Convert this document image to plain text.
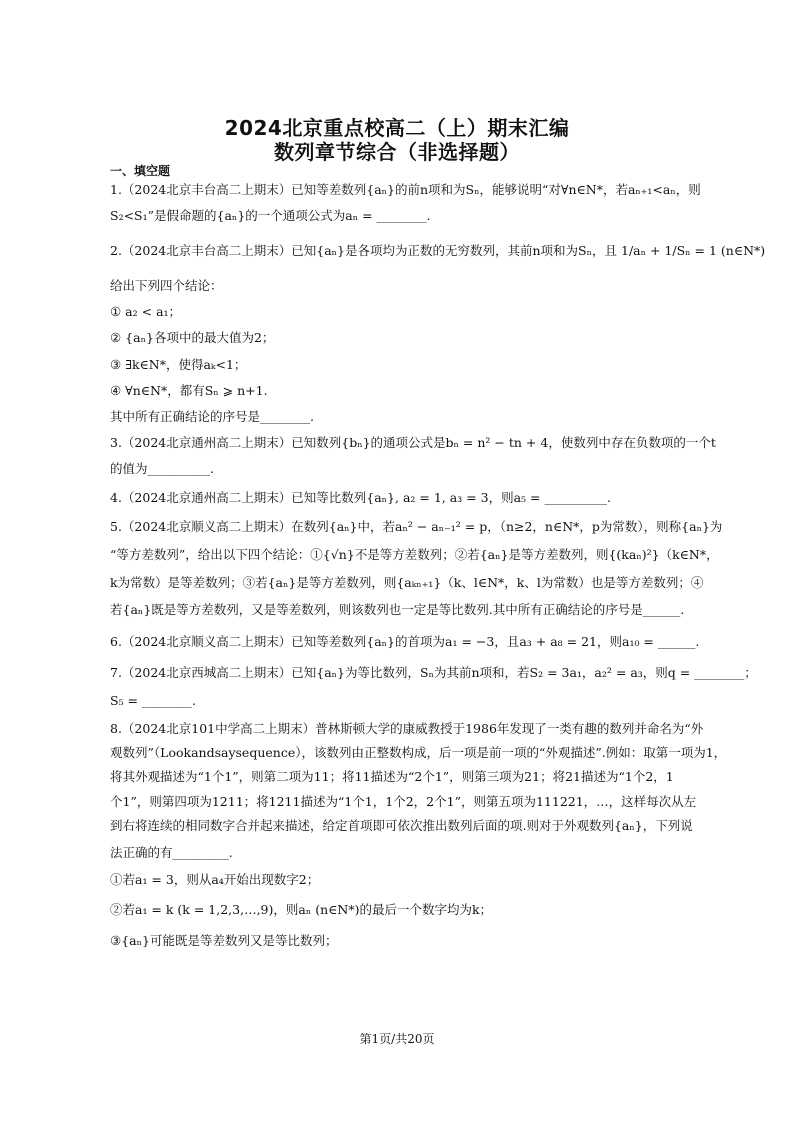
2024北京重点校高二（上）期末汇编
数列章节综合（非选择题）
一、填空题
1.（2024北京丰台高二上期末）已知等差数列{aₙ}的前n项和为Sₙ，能够说明“对∀n∈N*，若aₙ₊₁<aₙ，则
S₂<S₁”是假命题的{aₙ}的一个通项公式为aₙ = ________.
2.（2024北京丰台高二上期末）已知{aₙ}是各项均为正数的无穷数列，其前n项和为Sₙ，且 1/aₙ + 1/Sₙ = 1 (n∈N*)
给出下列四个结论：
① a₂ < a₁；
② {aₙ}各项中的最大值为2；
③ ∃k∈N*，使得aₖ<1；
④ ∀n∈N*，都有Sₙ ⩾ n+1.
其中所有正确结论的序号是________.
3.（2024北京通州高二上期末）已知数列{bₙ}的通项公式是bₙ = n² − tn + 4，使数列中存在负数项的一个t
的值为__________.
4.（2024北京通州高二上期末）已知等比数列{aₙ}, a₂ = 1, a₃ = 3，则a₅ = __________.
5.（2024北京顺义高二上期末）在数列{aₙ}中，若aₙ² − aₙ₋₁² = p，（n≥2，n∈N*，p为常数），则称{aₙ}为
“等方差数列”，给出以下四个结论：①{√n}不是等方差数列；②若{aₙ}是等方差数列，则{(kaₙ)²}（k∈N*，
k为常数）是等差数列；③若{aₙ}是等方差数列，则{aₖₙ₊₁}（k、l∈N*，k、l为常数）也是等方差数列；④
若{aₙ}既是等方差数列，又是等差数列，则该数列也一定是等比数列.其中所有正确结论的序号是______.
6.（2024北京顺义高二上期末）已知等差数列{aₙ}的首项为a₁ = −3，且a₃ + a₈ = 21，则a₁₀ = ______.
7.（2024北京西城高二上期末）已知{aₙ}为等比数列，Sₙ为其前n项和，若S₂ = 3a₁，a₂² = a₃，则q = ________；
S₅ = ________.
8.（2024北京101中学高二上期末）普林斯顿大学的康威教授于1986年发现了一类有趣的数列并命名为“外
观数列”（Lookandsaysequence），该数列由正整数构成，后一项是前一项的“外观描述”.例如：取第一项为1，
将其外观描述为“1个1”，则第二项为11；将11描述为“2个1”，则第三项为21；将21描述为“1个2，1
个1”，则第四项为1211；将1211描述为“1个1，1个2，2个1”，则第五项为111221，…，这样每次从左
到右将连续的相同数字合并起来描述，给定首项即可依次推出数列后面的项.则对于外观数列{aₙ}，下列说
法正确的有_________.
①若a₁ = 3，则从a₄开始出现数字2；
②若a₁ = k (k = 1,2,3,…,9)，则aₙ (n∈N*)的最后一个数字均为k；
③{aₙ}可能既是等差数列又是等比数列；
第1页/共20页
